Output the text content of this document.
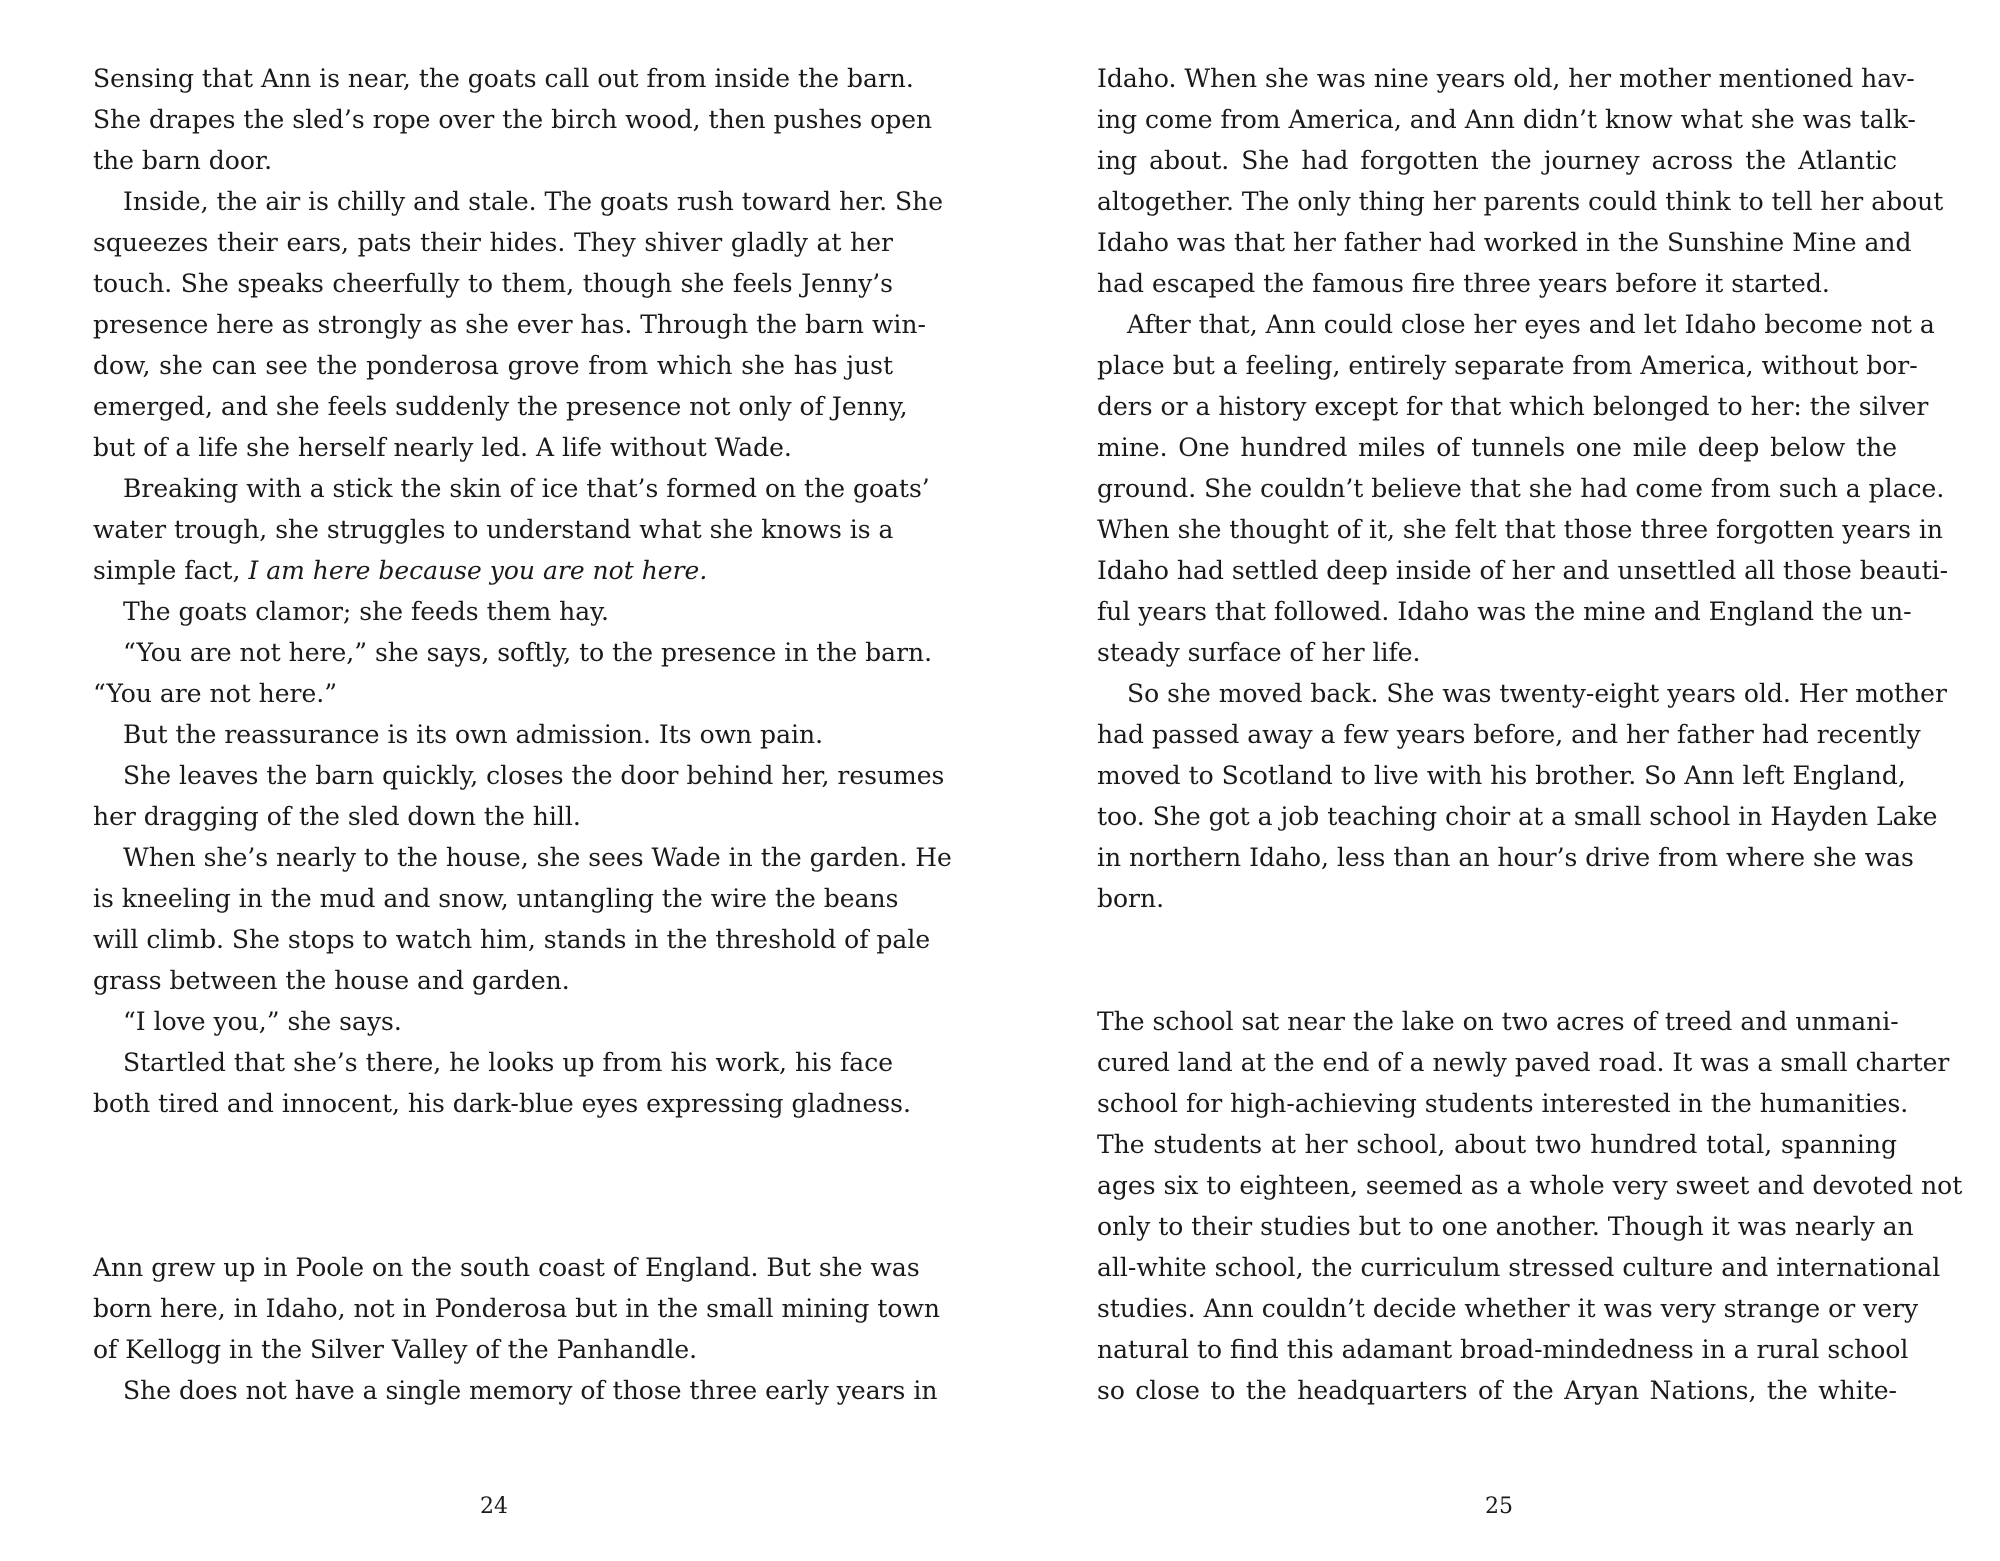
Sensing that Ann is near, the goats call out from inside the barn.
She drapes the sled’s rope over the birch wood, then pushes open
the barn door.
Inside, the air is chilly and stale. The goats rush toward her. She
squeezes their ears, pats their hides. They shiver gladly at her
touch. She speaks cheerfully to them, though she feels Jenny’s
presence here as strongly as she ever has. Through the barn win-
dow, she can see the ponderosa grove from which she has just
emerged, and she feels suddenly the presence not only of Jenny,
but of a life she herself nearly led. A life without Wade.
Breaking with a stick the skin of ice that’s formed on the goats’
water trough, she struggles to understand what she knows is a
simple fact, I am here because you are not here.
The goats clamor; she feeds them hay.
“You are not here,” she says, softly, to the presence in the barn.
“You are not here.”
But the reassurance is its own admission. Its own pain.
She leaves the barn quickly, closes the door behind her, resumes
her dragging of the sled down the hill.
When she’s nearly to the house, she sees Wade in the garden. He
is kneeling in the mud and snow, untangling the wire the beans
will climb. She stops to watch him, stands in the threshold of pale
grass between the house and garden.
“I love you,” she says.
Startled that she’s there, he looks up from his work, his face
both tired and innocent, his dark-blue eyes expressing gladness.
Ann grew up in Poole on the south coast of England. But she was
born here, in Idaho, not in Ponderosa but in the small mining town
of Kellogg in the Silver Valley of the Panhandle.
She does not have a single memory of those three early years in
24
Idaho. When she was nine years old, her mother mentioned hav-
ing come from America, and Ann didn’t know what she was talk-
ing about. She had forgotten the journey across the Atlantic
altogether. The only thing her parents could think to tell her about
Idaho was that her father had worked in the Sunshine Mine and
had escaped the famous fire three years before it started.
After that, Ann could close her eyes and let Idaho become not a
place but a feeling, entirely separate from America, without bor-
ders or a history except for that which belonged to her: the silver
mine. One hundred miles of tunnels one mile deep below the
ground. She couldn’t believe that she had come from such a place.
When she thought of it, she felt that those three forgotten years in
Idaho had settled deep inside of her and unsettled all those beauti-
ful years that followed. Idaho was the mine and England the un-
steady surface of her life.
So she moved back. She was twenty-eight years old. Her mother
had passed away a few years before, and her father had recently
moved to Scotland to live with his brother. So Ann left England,
too. She got a job teaching choir at a small school in Hayden Lake
in northern Idaho, less than an hour’s drive from where she was
born.
The school sat near the lake on two acres of treed and unmani-
cured land at the end of a newly paved road. It was a small charter
school for high-achieving students interested in the humanities.
The students at her school, about two hundred total, spanning
ages six to eighteen, seemed as a whole very sweet and devoted not
only to their studies but to one another. Though it was nearly an
all-white school, the curriculum stressed culture and international
studies. Ann couldn’t decide whether it was very strange or very
natural to find this adamant broad-mindedness in a rural school
so close to the headquarters of the Aryan Nations, the white-
25
